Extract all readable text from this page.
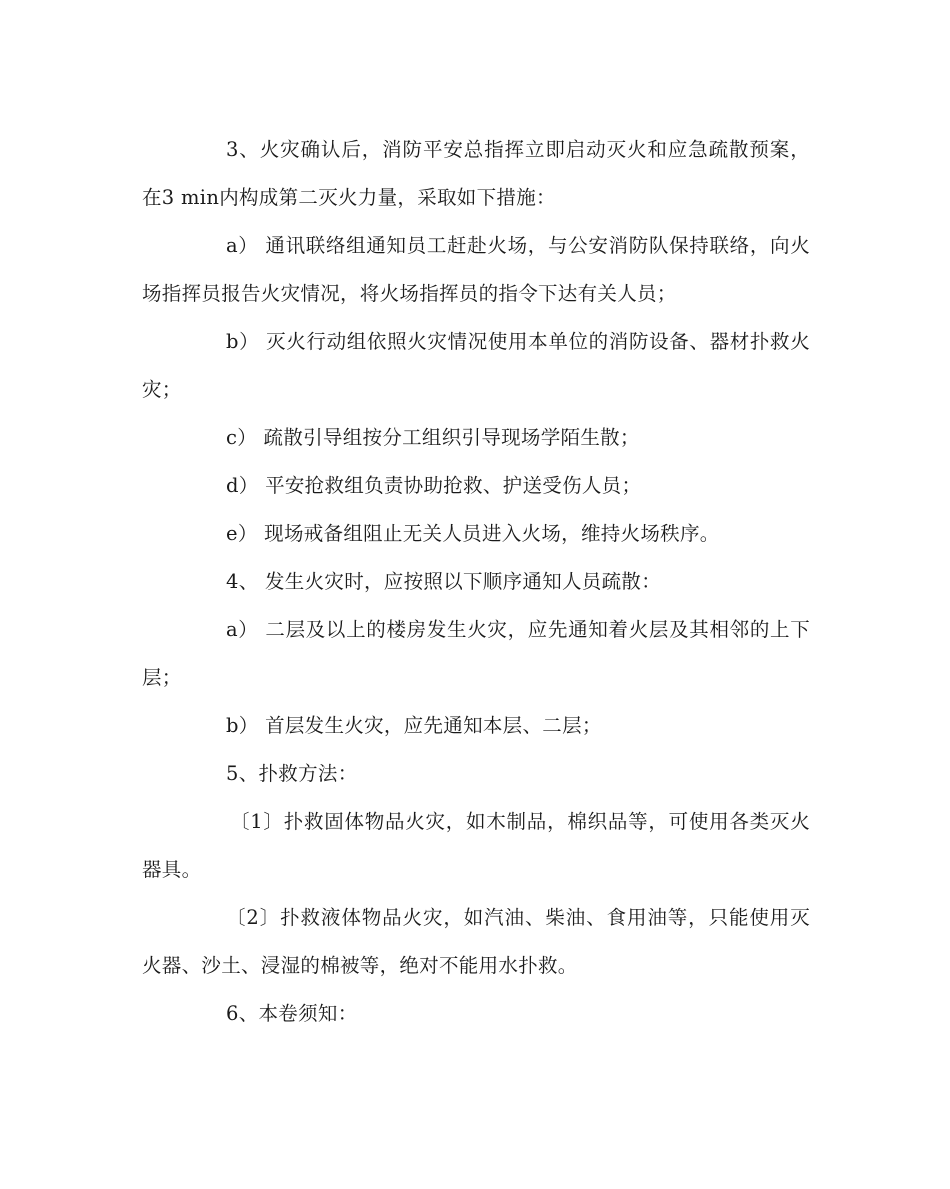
3、火灾确认后，消防平安总指挥立即启动灭火和应急疏散预案，在3 min内构成第二灭火力量，采取如下措施：

a） 通讯联络组通知员工赶赴火场，与公安消防队保持联络，向火场指挥员报告火灾情况，将火场指挥员的指令下达有关人员；

b） 灭火行动组依照火灾情况使用本单位的消防设备、器材扑救火灾；

c） 疏散引导组按分工组织引导现场学陌生散；

d） 平安抢救组负责协助抢救、护送受伤人员；

e） 现场戒备组阻止无关人员进入火场，维持火场秩序。

4、 发生火灾时，应按照以下顺序通知人员疏散：

a） 二层及以上的楼房发生火灾，应先通知着火层及其相邻的上下层；

b） 首层发生火灾，应先通知本层、二层；

5、扑救方法：

〔1〕扑救固体物品火灾，如木制品，棉织品等，可使用各类灭火器具。

〔2〕扑救液体物品火灾，如汽油、柴油、食用油等，只能使用灭火器、沙土、浸湿的棉被等，绝对不能用水扑救。

6、本卷须知：
